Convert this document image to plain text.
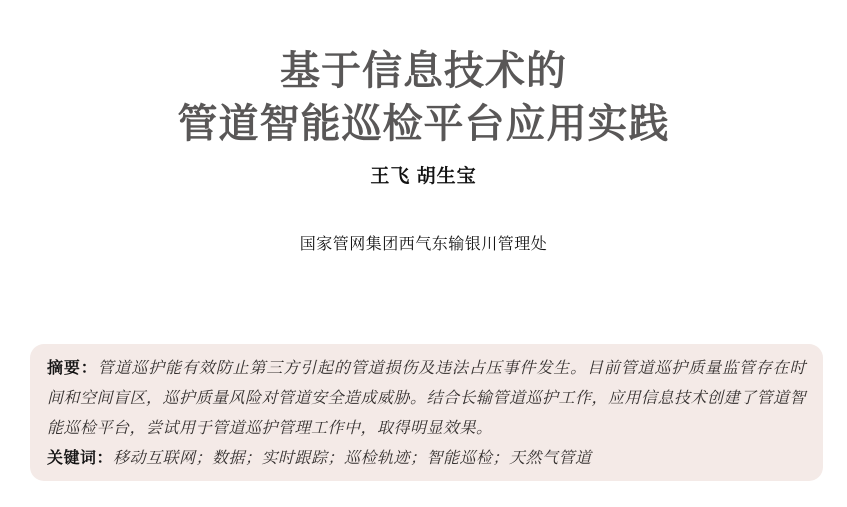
基于信息技术的
管道智能巡检平台应用实践
王飞 胡生宝
国家管网集团西气东输银川管理处

摘要：管道巡护能有效防止第三方引起的管道损伤及违法占压事件发生。目前管道巡护质量监管存在时间和空间盲区，巡护质量风险对管道安全造成威胁。结合长输管道巡护工作，应用信息技术创建了管道智能巡检平台，尝试用于管道巡护管理工作中，取得明显效果。

关键词：移动互联网；数据；实时跟踪；巡检轨迹；智能巡检；天然气管道
